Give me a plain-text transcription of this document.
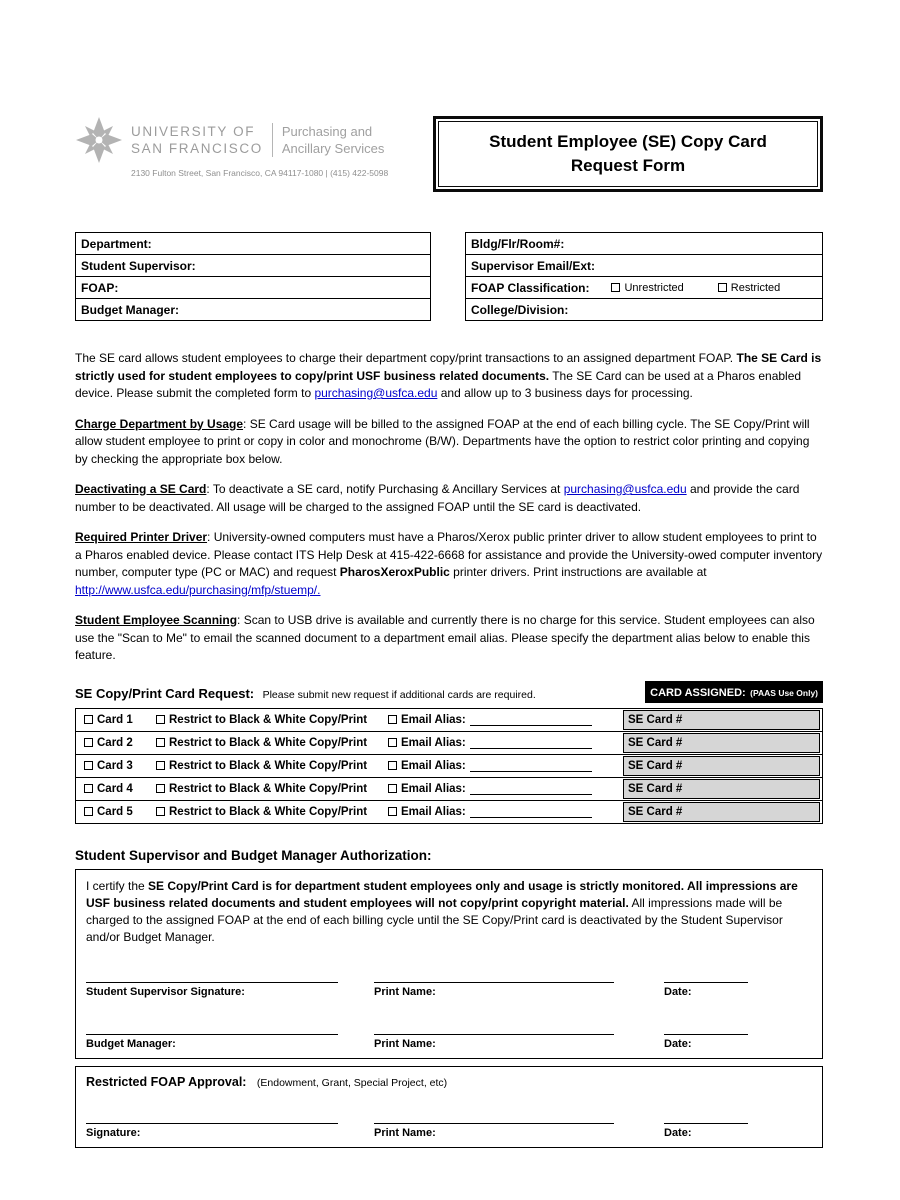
UNIVERSITY OF
SAN FRANCISCO
Purchasing and
Ancillary Services
2130 Fulton Street, San Francisco, CA 94117-1080 | (415) 422-5098
Student Employee (SE) Copy Card
Request Form
Department:
Student Supervisor:
FOAP:
Budget Manager:
Bldg/Flr/Room#:
Supervisor Email/Ext:
FOAP Classification:	Unrestricted	Restricted
College/Division:

The SE card allows student employees to charge their department copy/print transactions to an assigned department FOAP. The SE Card is strictly used for student employees to copy/print USF business related documents. The SE Card can be used at a Pharos enabled device. Please submit the completed form to purchasing@usfca.edu and allow up to 3 business days for processing.

Charge Department by Usage: SE Card usage will be billed to the assigned FOAP at the end of each billing cycle. The SE Copy/Print will allow student employee to print or copy in color and monochrome (B/W). Departments have the option to restrict color printing and copying by checking the appropriate box below.

Deactivating a SE Card: To deactivate a SE card, notify Purchasing & Ancillary Services at purchasing@usfca.edu and provide the card number to be deactivated. All usage will be charged to the assigned FOAP until the SE card is deactivated.

Required Printer Driver: University-owned computers must have a Pharos/Xerox public printer driver to allow student employees to print to a Pharos enabled device. Please contact ITS Help Desk at 415-422-6668 for assistance and provide the University-owed computer inventory number, computer type (PC or MAC) and request PharosXeroxPublic printer drivers. Print instructions are available at http://www.usfca.edu/purchasing/mfp/stuemp/.

Student Employee Scanning: Scan to USB drive is available and currently there is no charge for this service. Student employees can also use the "Scan to Me" to email the scanned document to a department email alias. Please specify the department alias below to enable this feature.

SE Copy/Print Card Request: Please submit new request if additional cards are required.	CARD ASSIGNED: (PAAS Use Only)
Card 1	Restrict to Black & White Copy/Print	Email Alias:	SE Card #
Card 2	Restrict to Black & White Copy/Print	Email Alias:	SE Card #
Card 3	Restrict to Black & White Copy/Print	Email Alias:	SE Card #
Card 4	Restrict to Black & White Copy/Print	Email Alias:	SE Card #
Card 5	Restrict to Black & White Copy/Print	Email Alias:	SE Card #
Student Supervisor and Budget Manager Authorization:

I certify the SE Copy/Print Card is for department student employees only and usage is strictly monitored. All impressions are USF business related documents and student employees will not copy/print copyright material. All impressions made will be charged to the assigned FOAP at the end of each billing cycle until the SE Copy/Print card is deactivated by the Student Supervisor and/or Budget Manager.

Student Supervisor Signature:	Print Name:	Date:
Budget Manager:	Print Name:	Date:
Restricted FOAP Approval: (Endowment, Grant, Special Project, etc)
Signature:	Print Name:	Date:
